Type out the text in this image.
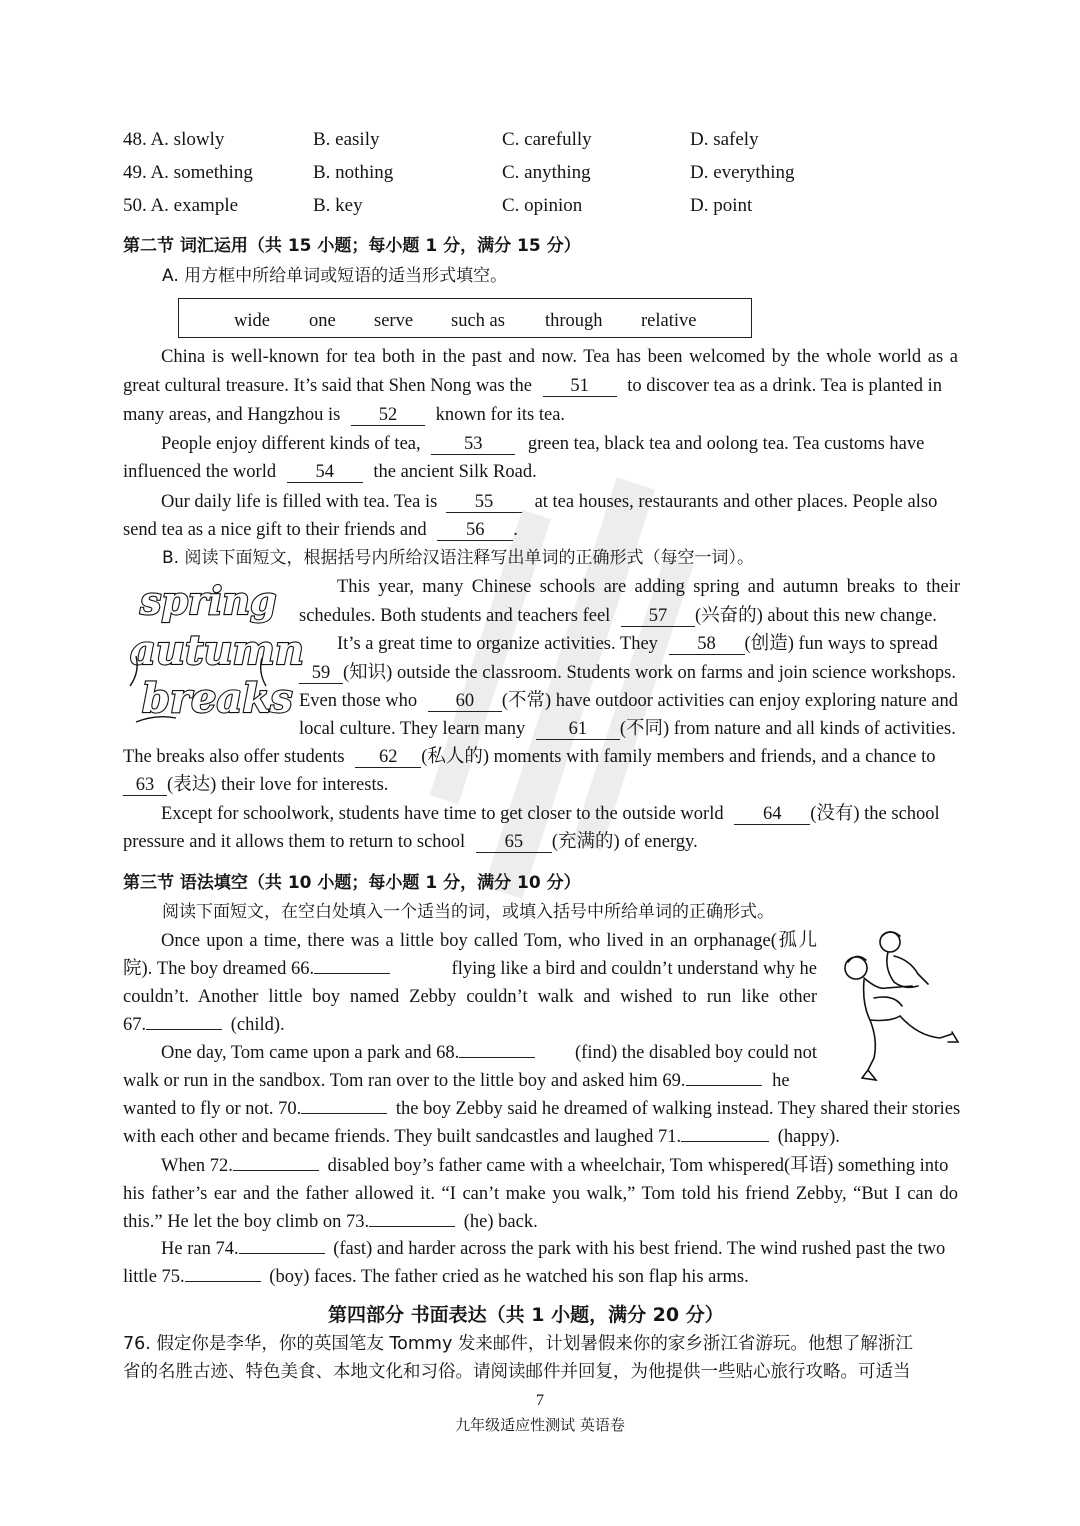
48. A. slowly	B. easily	C. carefully	D. safely
49. A. something	B. nothing	C. anything	D. everything
50. A. example	B. key	C. opinion	D. point
第二节 词汇运用（共 15 小题；每小题 1 分，满分 15 分）
A. 用方框中所给单词或短语的适当形式填空。
wide one serve such as through relative
China is well-known for tea both in the past and now. Tea has been welcomed by the whole world as a
great cultural treasure. It’s said that Shen Nong was the 51 to discover tea as a drink. Tea is planted in
many areas, and Hangzhou is 52 known for its tea.
People enjoy different kinds of tea, 53 green tea, black tea and oolong tea. Tea customs have
influenced the world 54 the ancient Silk Road.
Our daily life is filled with tea. Tea is 55 at tea houses, restaurants and other places. People also
send tea as a nice gift to their friends and 56 .
B. 阅读下面短文，根据括号内所给汉语注释写出单词的正确形式（每空一词）。
spring
autumn
breaks
This year, many Chinese schools are adding spring and autumn breaks to their
schedules. Both students and teachers feel 57 (兴奋的) about this new change.
It’s a great time to organize activities. They 58 (创造) fun ways to spread
59 (知识) outside the classroom. Students work on farms and join science workshops.
Even those who 60 (不常) have outdoor activities can enjoy exploring nature and
local culture. They learn many 61 (不同) from nature and all kinds of activities.
The breaks also offer students 62 (私人的) moments with family members and friends, and a chance to
63 (表达) their love for interests.
Except for schoolwork, students have time to get closer to the outside world 64 (没有) the school
pressure and it allows them to return to school 65 (充满的) of energy.
第三节 语法填空（共 10 小题；每小题 1 分，满分 10 分）
阅读下面短文，在空白处填入一个适当的词，或填入括号中所给单词的正确形式。
Once upon a time, there was a little boy called Tom, who lived in an orphanage(孤儿
院). The boy dreamed 66.	flying like a bird and couldn’t understand why he
couldn’t. Another little boy named Zebby couldn’t walk and wished to run like other
67.	(child).
One day, Tom came upon a park and 68.	(find) the disabled boy could not
walk or run in the sandbox. Tom ran over to the little boy and asked him 69.	he
wanted to fly or not. 70.	the boy Zebby said he dreamed of walking instead. They shared their stories
with each other and became friends. They built sandcastles and laughed 71.	(happy).
When 72.	disabled boy’s father came with a wheelchair, Tom whispered(耳语) something into
his father’s ear and the father allowed it. “I can’t make you walk,” Tom told his friend Zebby, “But I can do
this.” He let the boy climb on 73.	(he) back.
He ran 74.	(fast) and harder across the park with his best friend. The wind rushed past the two
little 75.	(boy) faces. The father cried as he watched his son flap his arms.
第四部分 书面表达（共 1 小题，满分 20 分）
76. 假定你是李华，你的英国笔友 Tommy 发来邮件，计划暑假来你的家乡浙江省游玩。他想了解浙江
省的名胜古迹、特色美食、本地文化和习俗。请阅读邮件并回复，为他提供一些贴心旅行攻略。可适当
7
九年级适应性测试 英语卷
